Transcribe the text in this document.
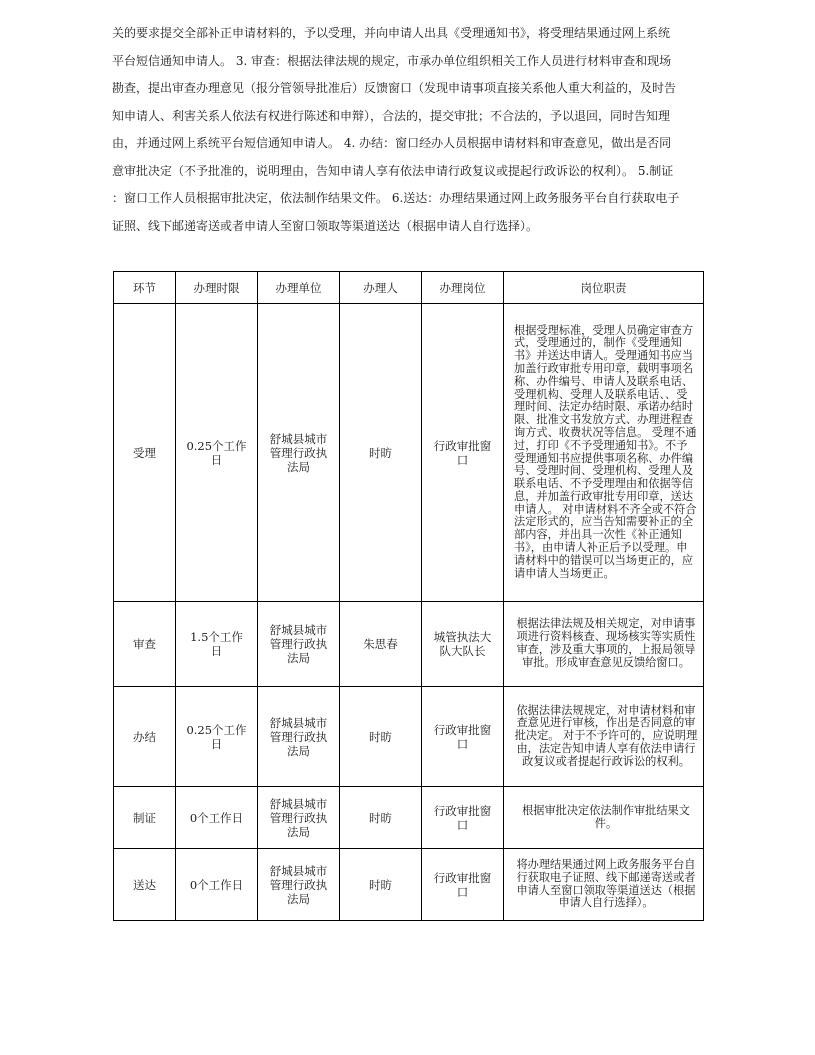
关的要求提交全部补正申请材料的，予以受理，并向申请人出具《受理通知书》，将受理结果通过网上系统
平台短信通知申请人。 3. 审查：根据法律法规的规定，市承办单位组织相关工作人员进行材料审查和现场
勘查，提出审查办理意见（报分管领导批准后）反馈窗口（发现申请事项直接关系他人重大利益的，及时告
知申请人、利害关系人依法有权进行陈述和申辩），合法的，提交审批；不合法的，予以退回，同时告知理
由，并通过网上系统平台短信通知申请人。 4. 办结：窗口经办人员根据申请材料和审查意见，做出是否同
意审批决定（不予批准的，说明理由，告知申请人享有依法申请行政复议或提起行政诉讼的权利）。 5.制证
：窗口工作人员根据审批决定，依法制作结果文件。 6.送达：办理结果通过网上政务服务平台自行获取电子
证照、线下邮递寄送或者申请人至窗口领取等渠道送达（根据申请人自行选择）。
环节	办理时限	办理单位	办理人	办理岗位	岗位职责
受理	0.25个工作日	舒城县城市管理行政执法局	时昉	行政审批窗口	根据受理标准，受理人员确定审查方式，受理通过的，制作《受理通知书》并送达申请人。受理通知书应当加盖行政审批专用印章，载明事项名称、办件编号、申请人及联系电话、受理机构、受理人及联系电话、、受理时间、法定办结时限、承诺办结时限、批准文书发放方式、办理进程查询方式、收费状况等信息。 受理不通过，打印《不予受理通知书》。不予受理通知书应提供事项名称、办件编号、受理时间、受理机构、受理人及联系电话、不予受理理由和依据等信息，并加盖行政审批专用印章，送达申请人。 对申请材料不齐全或不符合法定形式的，应当告知需要补正的全部内容，并出具一次性《补正通知书》，由申请人补正后予以受理。申请材料中的错误可以当场更正的，应请申请人当场更正。

审查	1.5个工作日	舒城县城市管理行政执法局	朱思春	城管执法大队大队长	根据法律法规及相关规定，对申请事项进行资料核查、现场核实等实质性审查，涉及重大事项的，上报局领导审批。形成审查意见反馈给窗口。

办结	0.25个工作日	舒城县城市管理行政执法局	时昉	行政审批窗口	依据法律法规规定，对申请材料和审查意见进行审核，作出是否同意的审批决定。 对于不予许可的，应说明理由，法定告知申请人享有依法申请行政复议或者提起行政诉讼的权利。

制证	0个工作日	舒城县城市管理行政执法局	时昉	行政审批窗口	根据审批决定依法制作审批结果文件。

送达	0个工作日	舒城县城市管理行政执法局	时昉	行政审批窗口	将办理结果通过网上政务服务平台自行获取电子证照、线下邮递寄送或者申请人至窗口领取等渠道送达（根据申请人自行选择）。
